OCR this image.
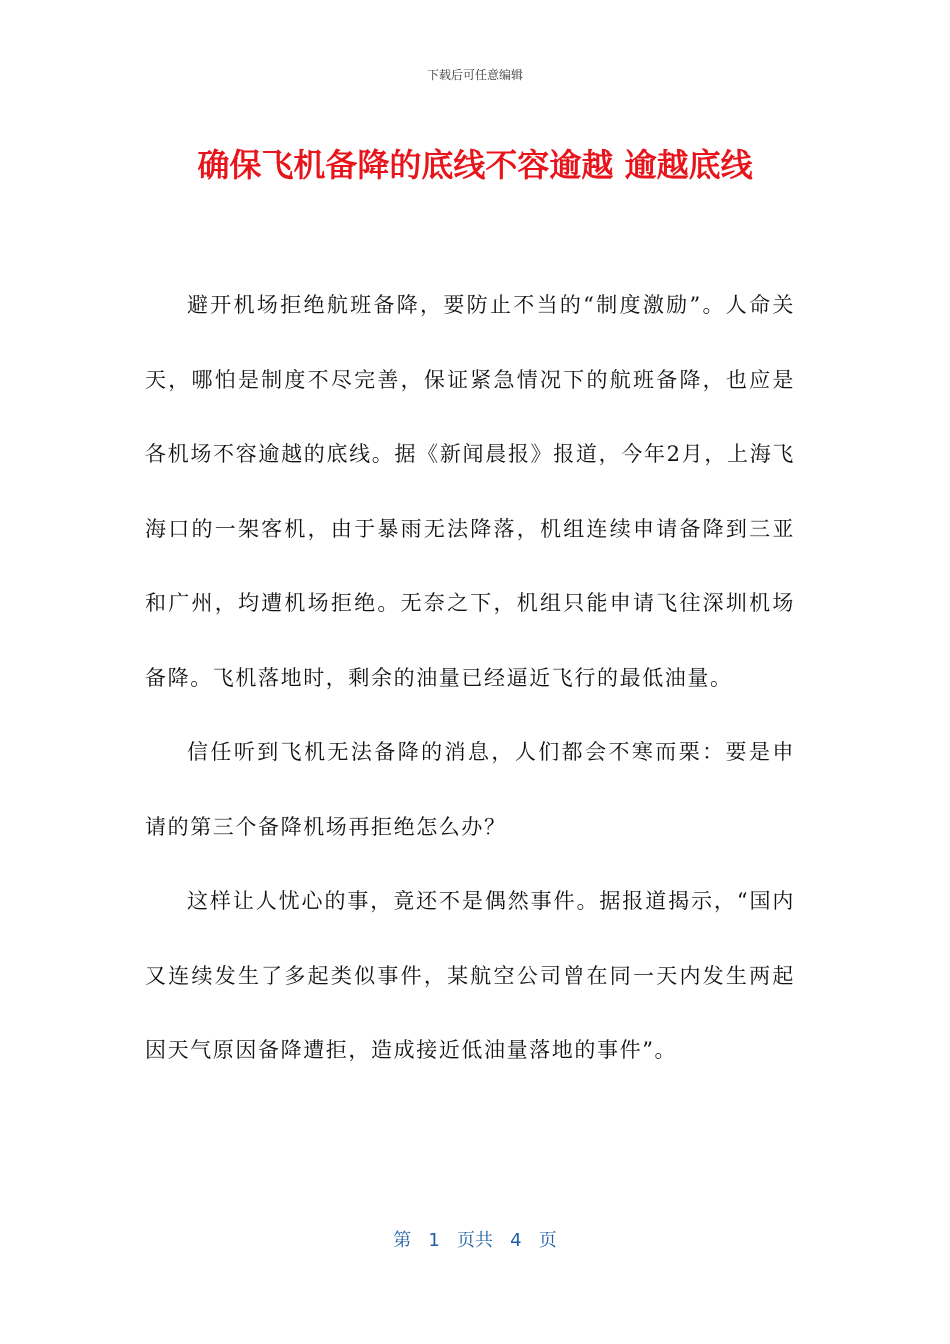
下载后可任意编辑
确保飞机备降的底线不容逾越 逾越底线

避开机场拒绝航班备降，要防止不当的“制度激励”。人命关天，哪怕是制度不尽完善，保证紧急情况下的航班备降，也应是各机场不容逾越的底线。据《新闻晨报》报道，今年2月，上海飞海口的一架客机，由于暴雨无法降落，机组连续申请备降到三亚和广州，均遭机场拒绝。无奈之下，机组只能申请飞往深圳机场备降。飞机落地时，剩余的油量已经逼近飞行的最低油量。

信任听到飞机无法备降的消息，人们都会不寒而栗：要是申请的第三个备降机场再拒绝怎么办？

这样让人忧心的事，竟还不是偶然事件。据报道揭示，“国内又连续发生了多起类似事件，某航空公司曾在同一天内发生两起因天气原因备降遭拒，造成接近低油量落地的事件”。

第 1 页共 4 页
